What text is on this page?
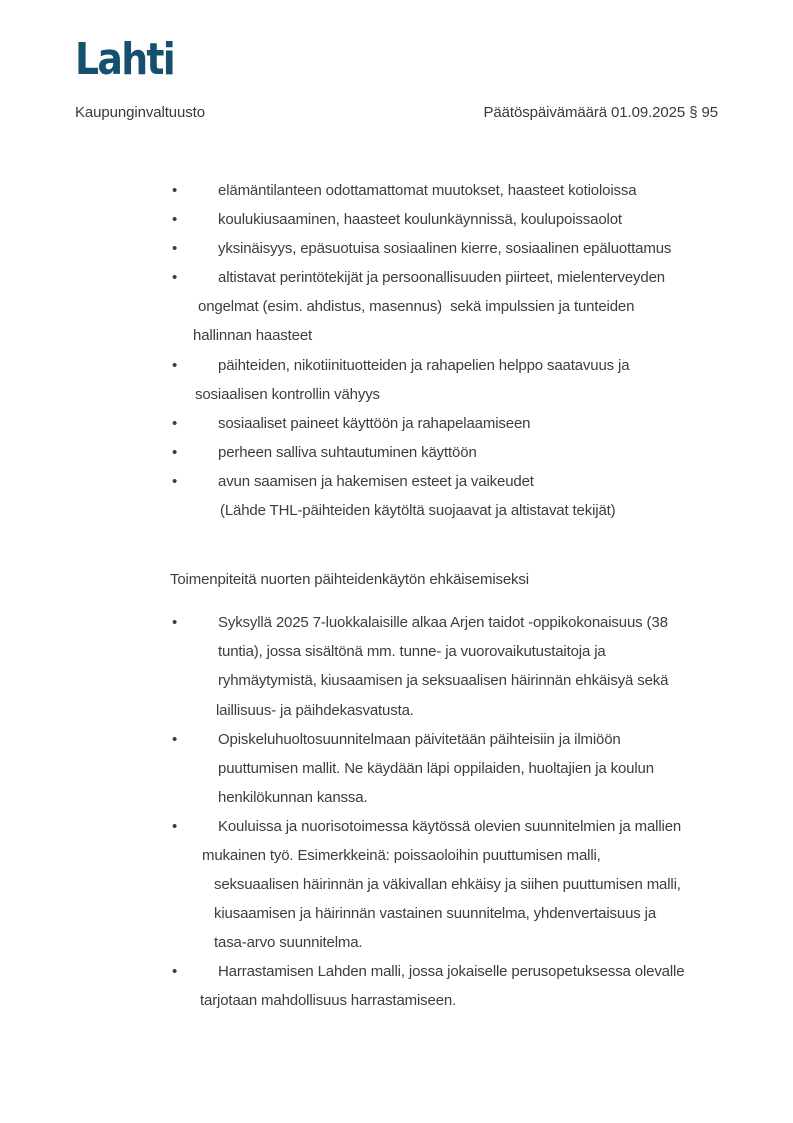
Lahti
Kaupunginvaltuusto	Päätöspäivämäärä 01.09.2025 § 95
•	elämäntilanteen odottamattomat muutokset, haasteet kotioloissa
•	koulukiusaaminen, haasteet koulunkäynnissä, koulupoissaolot
•	yksinäisyys, epäsuotuisa sosiaalinen kierre, sosiaalinen epäluottamus
•	altistavat perintötekijät ja persoonallisuuden piirteet, mielenterveyden
ongelmat (esim. ahdistus, masennus)  sekä impulssien ja tunteiden
hallinnan haasteet
•	päihteiden, nikotiinituotteiden ja rahapelien helppo saatavuus ja
sosiaalisen kontrollin vähyys
•	sosiaaliset paineet käyttöön ja rahapelaamiseen
•	perheen salliva suhtautuminen käyttöön
•	avun saamisen ja hakemisen esteet ja vaikeudet
(Lähde THL-päihteiden käytöltä suojaavat ja altistavat tekijät)
Toimenpiteitä nuorten päihteidenkäytön ehkäisemiseksi
•	Syksyllä 2025 7-luokkalaisille alkaa Arjen taidot -oppikokonaisuus (38
tuntia), jossa sisältönä mm. tunne- ja vuorovaikutustaitoja ja
ryhmäytymistä, kiusaamisen ja seksuaalisen häirinnän ehkäisyä sekä
laillisuus- ja päihdekasvatusta.
•	Opiskeluhuoltosuunnitelmaan päivitetään päihteisiin ja ilmiöön
puuttumisen mallit. Ne käydään läpi oppilaiden, huoltajien ja koulun
henkilökunnan kanssa.
•	Kouluissa ja nuorisotoimessa käytössä olevien suunnitelmien ja mallien
mukainen työ. Esimerkkeinä: poissaoloihin puuttumisen malli,
seksuaalisen häirinnän ja väkivallan ehkäisy ja siihen puuttumisen malli,
kiusaamisen ja häirinnän vastainen suunnitelma, yhdenvertaisuus ja
tasa-arvo suunnitelma.
•	Harrastamisen Lahden malli, jossa jokaiselle perusopetuksessa olevalle
tarjotaan mahdollisuus harrastamiseen.
